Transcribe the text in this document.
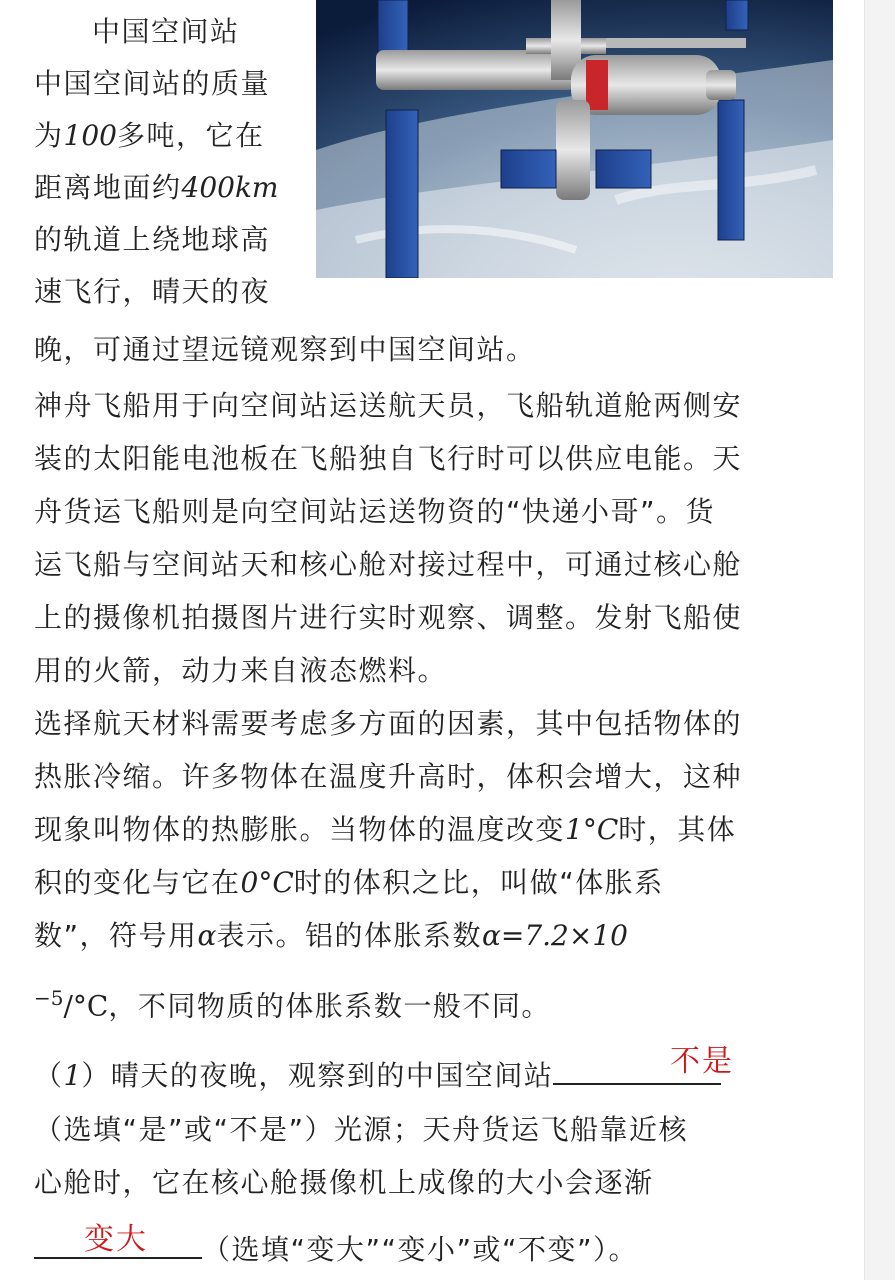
中国空间站
中国空间站的质量
为100多吨，它在
距离地面约400km
的轨道上绕地球高
速飞行，晴天的夜
晚，可通过望远镜观察到中国空间站。
神舟飞船用于向空间站运送航天员，飞船轨道舱两侧安
装的太阳能电池板在飞船独自飞行时可以供应电能。天
舟货运飞船则是向空间站运送物资的“快递小哥”。货
运飞船与空间站天和核心舱对接过程中，可通过核心舱
上的摄像机拍摄图片进行实时观察、调整。发射飞船使
用的火箭，动力来自液态燃料。
选择航天材料需要考虑多方面的因素，其中包括物体的
热胀冷缩。许多物体在温度升高时，体积会增大，这种
现象叫物体的热膨胀。当物体的温度改变1°C时，其体
积的变化与它在0°C时的体积之比，叫做“体胀系
数”，符号用α表示。铝的体胀系数α=7.2×10
$^{-5}$/°C，不同物质的体胀系数一般不同。
（1）晴天的夜晚，观察到的中国空间站	不是
（选填“是”或“不是”）光源；天舟货运飞船靠近核
心舱时，它在核心舱摄像机上成像的大小会逐渐
（选填“变大”“变小”或“不变”）。
变大
